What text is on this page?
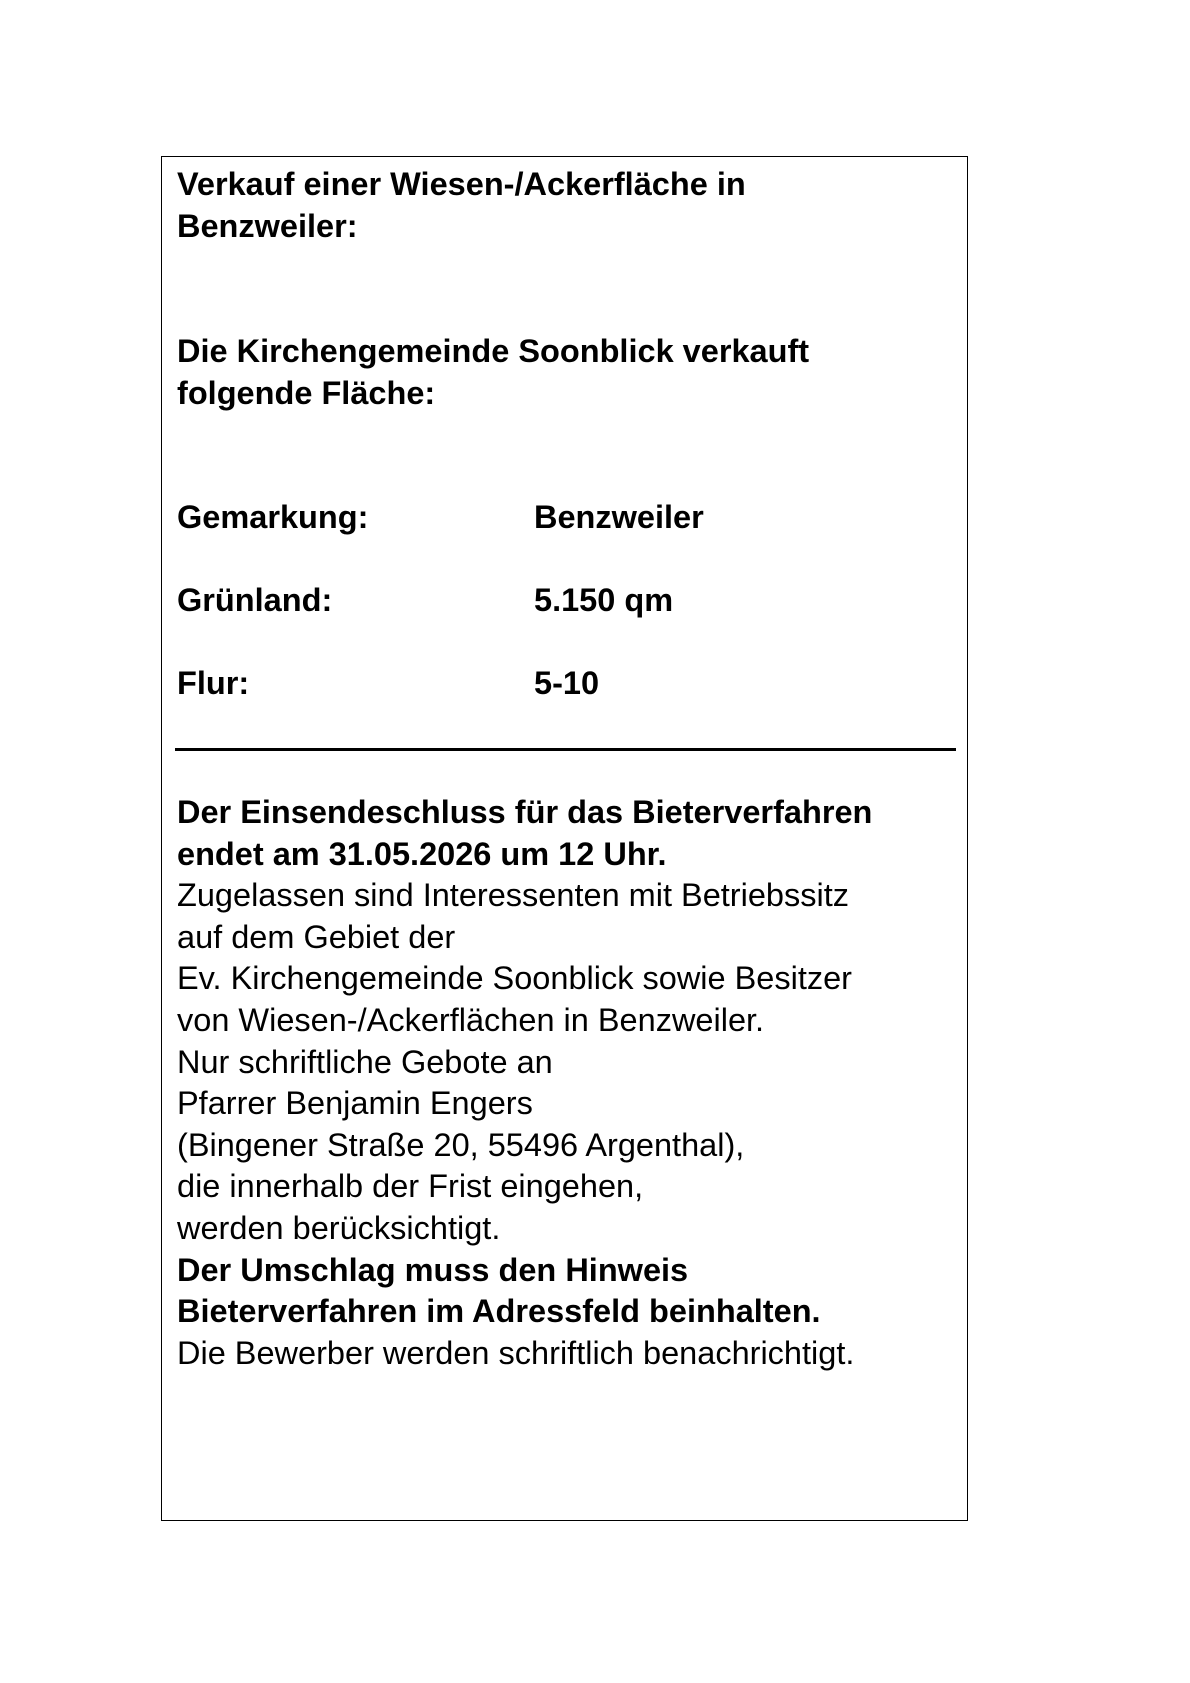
Verkauf einer Wiesen-/Ackerfläche in
Benzweiler:
Die Kirchengemeinde Soonblick verkauft
folgende Fläche:
Gemarkung:	Benzweiler
Grünland:	5.150 qm
Flur:	5-10
Der Einsendeschluss für das Bieterverfahren
endet am 31.05.2026 um 12 Uhr.
Zugelassen sind Interessenten mit Betriebssitz
auf dem Gebiet der
Ev. Kirchengemeinde Soonblick sowie Besitzer
von Wiesen-/Ackerflächen in Benzweiler.
Nur schriftliche Gebote an
Pfarrer Benjamin Engers
(Bingener Straße 20, 55496 Argenthal),
die innerhalb der Frist eingehen,
werden berücksichtigt.
Der Umschlag muss den Hinweis
Bieterverfahren im Adressfeld beinhalten.
Die Bewerber werden schriftlich benachrichtigt.
